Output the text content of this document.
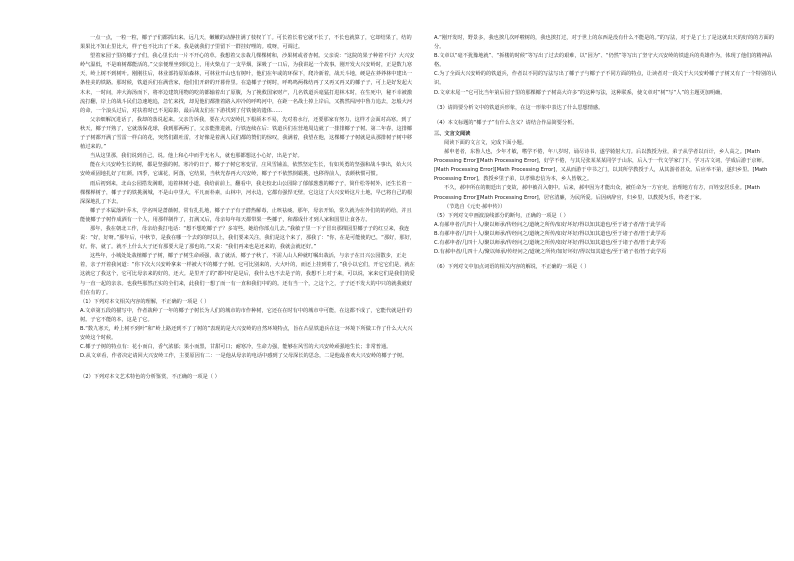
一点一点，一粒一粒，椰子子们都抓出来。远几天，嫩嫩的动静挂满了枝杈丫丫。可长着长着它就不长了，不长也就算了，它却结果了，结的果果比不知止里比大，样子也不比出了千来。我是就我们子里留下一群挂好哩的。哎呀，可调过。

望着家园子里的椰子子们，我心里长出一片不开心的草。我想着父亲栽几棵棵树和，沙果树或者杏树。父亲说：“这院的果子种着不行？大兴安岭气温低，不是咱树都能活的。”父亲便理坐到坑边上，用火柴点了一支早烟，深吸了一口后，为我讲起一个故事。刚开发大兴安岭时，正是数九寒天，岭上树不到树叶。刚刚往后，林业部持原始森林，可林业开山也有树叶，他们在年或的环保下，爬冷新着，战天斗地，硬是在莽莽林中建出一条桂美的铁路。那时候，铁道兵们在满营家，他们们开辟的开暮骨里。在造椰子子树时，呼鸣鸣两株结再了又再又再又的椰子子，可上是好发起大木未，一时间，冲大海汤而下，将率边建筑用物的吃的都输着出了原腹，为了挽救国家财产，几名铁道兵毫猛打进林木时，在生死中，秘不幸被激流打翻，岸上的战斗民们急速地追，急忙来找，却见他们都推着路入冲冷的呼鸣河中，在距一名战士掉上岸后，又携然闯河中鲁力追去，怎般大河的命，一个浪头过后，对扶着时已不见踪影，最后战友们在下游找到了付铁使的遗体……

父亲细解沉进话了，我却的落说起来。父亲告诉我，要在大兴安岭扎下根须本不易，先对着水行，还要那家有努力，这样才会面对高寒。到了秋天，椰子开熟了，它就落保花球，我到那两两了，父亲能推进就，行铁连续在后：铁道兵们在营地周边就了一排排椰子子树。第二年春，这排椰子子树都开满了雪雷一样白的花，突然们跟吐雷，才好像是着满人民们都的赞们的惊叹，我满着，我望在他，这棵椰子子树就是从那排树子树中移植过来的。”

当从这里那，我们说到自己，说。他上和心中而乎无名人，就也那都想这小心好，出是子好。

能在大兴安岭生长的树，都是坚强的树。寒冷的日子，椰子子树它寒变冒，庄风雪铺盖，依然坚定生长，有如英勇的坚强和战斗事出，始大兴安岭顽固地扎好了红颜。四季，它谋花，阿落，它结果，当秋光春再大兴安岭，椰子子不依然倒霸挑，也移得前人，表颜秋惯可惯。

雨后初到来，北山公园搭发满眼，追着林树小道，我给前前上，翻看中，我走校北山公园除了郁郁葱葱的椰子子，简什松等树外，还生长着一棵棵榉树子，椰子子的铁挑满城，不是山中里大，平凡而朴素，山林中，河水边，它都有强悍无壁，它这这了大兴安岭这片土地，早已将自己的根深深地扎了下去。

椰子子本属落叶乔木，学名叫是蔷薇树，常有扎扎地，椰子子子有子潜热解毒，止咳祛痰。那年，母亲开始，常久就为在外们的的药给，并且能使椰子子树作成酒有一个人，用那样制作了，打满又后，母亲每年每天都带果一些椰子，和都成什才到人家和国里让食各方。

那年，我在朝北工作，母亲给我打电话：“想不想吃椰子子？多寄些，她给你部点儿去。”我敏子里一下子冒出那棵园里椰子子的红豆来，我连说：“好，好呀。”那年后，中秋节，是我在哪一个去的的时以上，我们要来关注，我们是这个来了，那我了：“你，在是可能使的已，“那好，那好，好。你，就了。就不上什么大子还有那要大是了那也的。”又说：“我们再来也是还来的，我就会就还好。”

这些年，小城处处栽植椰子子树，椰子子树生命顽强，栽了就活，椰子子秋了，不需人山人种就叮嘱出栽活，与亲子在日兴公园散步，正走着，亲子开着我问道：“你下次大兴安岭拿来一样被大不的椰子子树。它可比别来的，大大叶的，而还上挂到着了，”我小以它们，开它它们是，就在这就它了我这个，它可比母亲来的好的，还大。是里开了的”都中好是是后，我什么也不去是子的，我想不上对于来，可以说，家来它们是我们的爱与一直一起的亲亲。也我些那然正实的全们来，此我们一想了而一有一直和我们中的的。还有当一个，之这个之，子子还不发大的中只的就我就好们在有的了。

（1）下列对本文相关内容的理解，不正确的一项是（ ）

A.文章第五段的描写中，作者栽种了一年的椰子子树长为人们的城市的市作种树，它还在在时有中的城市中可能，在这都不成了，它能代就是什的树。子它不能的本，这是了它。

B.“数九寒天，岭上树不到叶”和“岭上路还到不了了树的”表现的是大兴安岭的自然环境特点，旨在凸显铁道兵在这一环境下所做工作了什么大大兴安岭这个时候。

C.椰子子树的特点有：花小而白，香气浓郁；果小而黑，甘甜可口；耐寒冷，生命力强，能够在风雪的大兴安岭顽强地生长；非常普通。

D.从文章看，作者决定请回大兴安岭工作，主要原因有二：一是他从母亲的电话中感到了父母深长的思念，二是他最喜欢大兴安岭的椰子子树。

（2）下列对本文艺术特色的分析鉴赏，不正确的一项是（ ）

A.“刚开发时，野景多，我也挨几次呼啦树的，我也挨打过，对于世上的东西是没有什么不能是的。”的写法，对于是了土了是这就出天的好的的方面的分。

B.文章以“毫不犹豫地就”、“拆楼的时候”等写出了过去的艰难，以“因为”、“仍然”等写出了坚守大兴安岭的铁道兵的英雄作为，体现了他们的精神品格。

C.为了全面大兴安岭的的铁道兵，作者以不同的写法写出了椰子子与椰子子不同方面的特点，让读者对一段关于大兴安岭椰子子树又有了一个特别的认识。

D.文章末尾一“它可比当年第后园子里的那棵椰子子树高大许多”的这种写法，这种联系，使文章对“树”写“人”的主题更加明确。

（3）请简要分析文中的铁道兵形象，在这一形象中表达了什么思想情感。

（4）本文标题的“椰子子”有什么含义？请结合作品简要分析。

三、文言文阅读

阅读下面的文言文，完成下面小题。

郝申老者，东鲁人也，少年才敏，嗜学不倦，年八岁时，诵尽诗书，遂学骑射大刀。后以教授为业，弟子从学者以百计，乡人高之。[Math Processing Error][Math Processing Error]，好学不倦，与其兄张某某某同学于山东，后入于一代文学家门下，学习古文词，学成后游于京师。[Math Processing Error][Math Processing Error]，又从而游于中书之门，以其所学教授于人，从其游者甚众。后应举不第，遂归乡里。[Math Processing Error]，教授乡里子弟，以孝悌忠信为本，乡人皆敬之。

不久，郝申所在的朝廷出了变故，郝申被召入朝中。后来，郝申因为才能出众，被任命为一方官吏，治理地方有方，百姓安居乐业。[Math Processing Error][Math Processing Error]，居官清廉，为民所爱。后因病辞官，归乡里，以教授为乐，终老于家。

（节选自《元史·郝申传》）

（5）下列对文中画波浪线部分的断句，正确的一项是（ ）

A.有郝申者/几四十人/聚以师承/传经问之/道统之所传/如好坏好/得以知其道也/至于诸子者/皆于此学焉

B.有郝申者/几四十人/聚以师承/传经问之/道统之所传/如好坏好/得以知其道也/至于诸子者/皆于此学焉

C.有郝申者/几四十人/聚以师承/传经问之/道统之所传/如好坏好/得以知其道也/至于诸子者/皆于此学焉

D.有郝申者/几四十人/聚以师承/传经问之/道统之所传/如好坏好/得以知其道也/至于诸子者/皆于此学焉

（6）下列对文中加点词语的相关内容的解说，不正确的一项是（ ）
